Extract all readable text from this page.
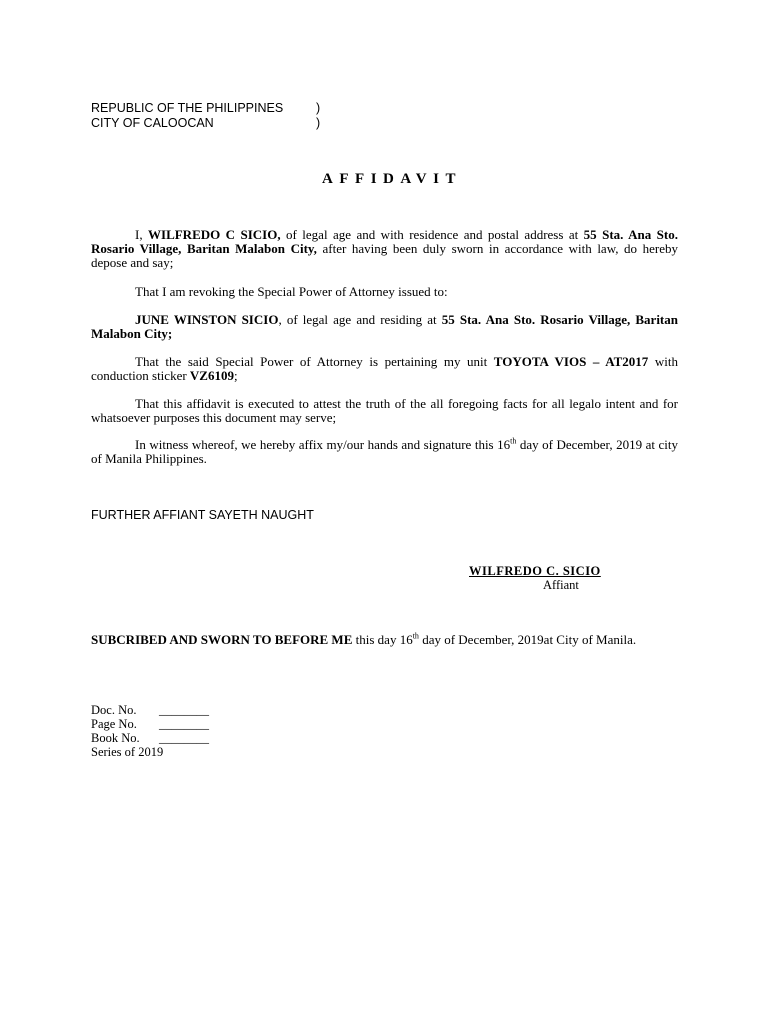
REPUBLIC OF THE PHILIPPINES	)
CITY OF CALOOCAN	)
AFFIDAVIT

I, WILFREDO C SICIO, of legal age and with residence and postal address at 55 Sta. Ana Sto. Rosario Village, Baritan Malabon City, after having been duly sworn in accordance with law, do hereby depose and say;

That I am revoking the Special Power of Attorney issued to:

JUNE WINSTON SICIO, of legal age and residing at 55 Sta. Ana Sto. Rosario Village, Baritan Malabon City;

That the said Special Power of Attorney is pertaining my unit TOYOTA VIOS – AT2017 with conduction sticker VZ6109;

That this affidavit is executed to attest the truth of the all foregoing facts for all legalo intent and for whatsoever purposes this document may serve;

In witness whereof, we hereby affix my/our hands and signature this 16th day of December, 2019 at city of Manila Philippines.

FURTHER AFFIANT SAYETH NAUGHT
WILFREDO C. SICIO
Affiant

SUBCRIBED AND SWORN TO BEFORE ME this day 16th day of December, 2019at City of Manila.

Doc. No. ________
Page No. ________
Book No. ________
Series of 2019
